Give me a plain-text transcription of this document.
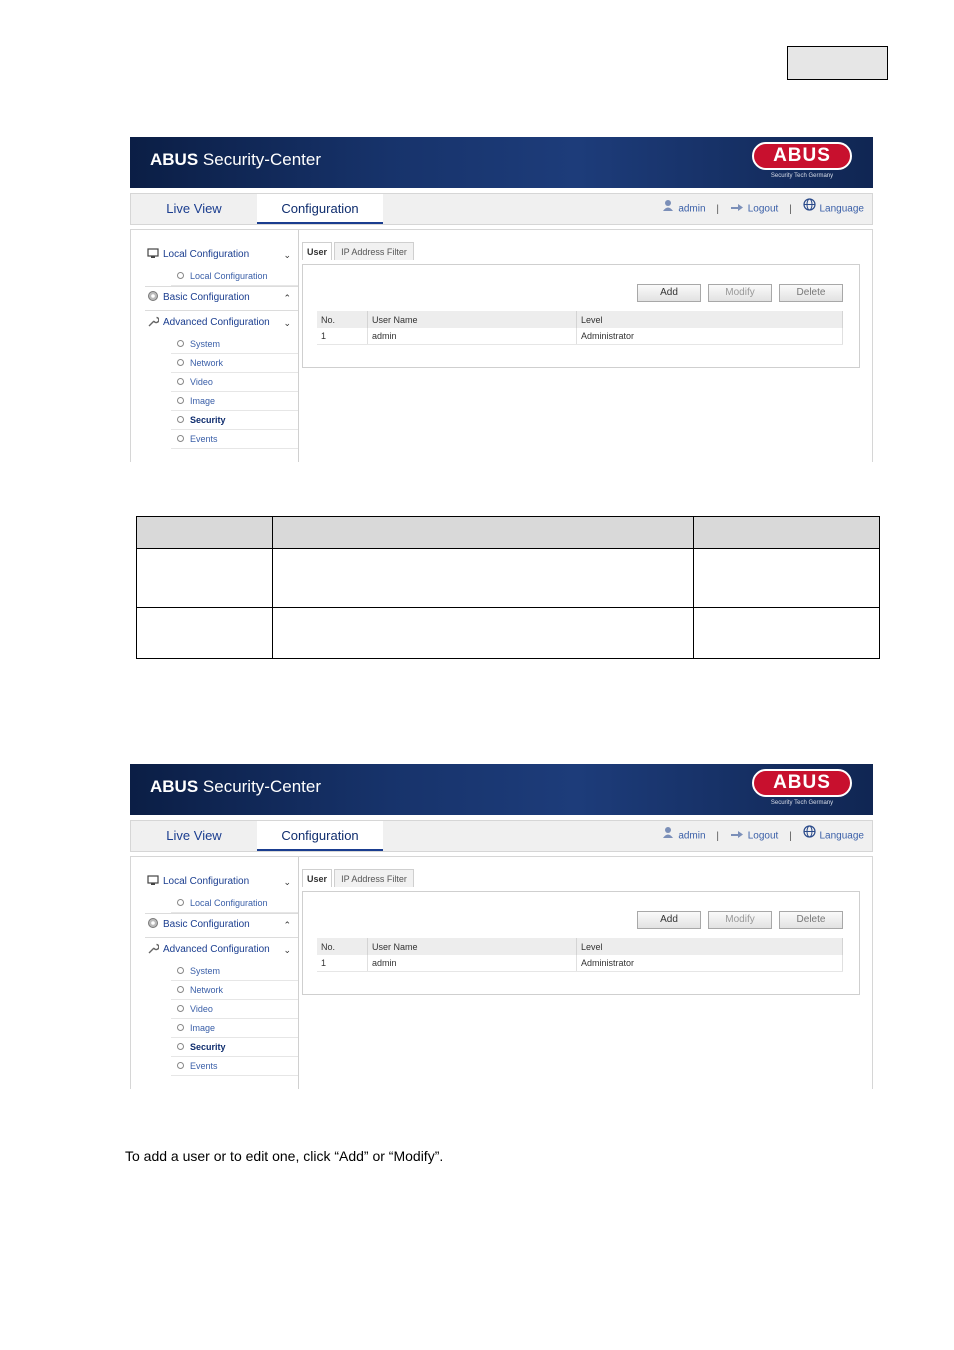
ABUS Security-Center	ABUS
Security Tech Germany
Live View	Configuration	admin |	Logout |	Language
Local Configuration	⌄
Local Configuration
Basic Configuration	⌃
Advanced Configuration ⌄
System
Network
Video
Image
Security
Events
User	IP Address Filter
Add	Modify	Delete
No.	User Name	Level
1	admin	Administrator

ABUS Security-Center	ABUS
Security Tech Germany
Live View	Configuration	admin |	Logout |	Language
Local Configuration	⌄
Local Configuration
Basic Configuration	⌃
Advanced Configuration ⌄
System
Network
Video
Image
Security
Events
User	IP Address Filter
Add	Modify	Delete
No.	User Name	Level
1	admin	Administrator
To add a user or to edit one, click “Add” or “Modify”.
